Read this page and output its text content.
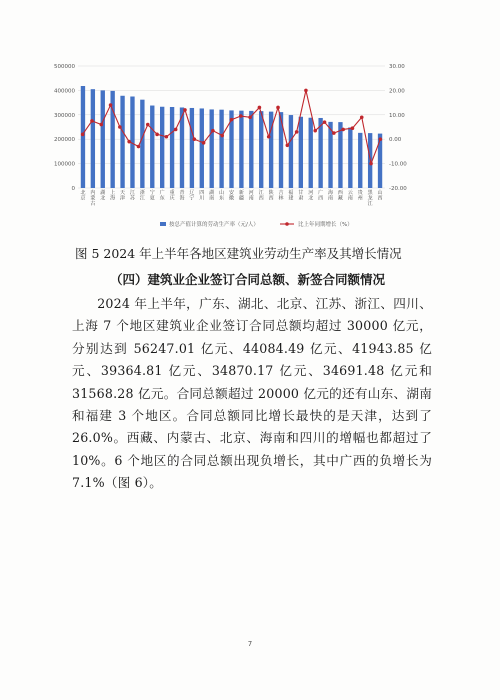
0
100000
200000
300000
400000
500000
-20.00
-10.00
0.00
10.00
20.00
30.00
北京
内蒙古
湖北
上海
天津
江苏
浙江
宁夏
广东
重庆
青海
辽宁
四川
湖南
山东
安徽
新疆
河南
江西
陕西
吉林
福建
甘肃
河北
广西
海南
西藏
云南
贵州
黑龙江
山西
按总产值计算的劳动生产率（元/人）	比上年同期增长（%）
图 5 2024 年上半年各地区建筑业劳动生产率及其增长情况
（四）建筑业企业签订合同总额、新签合同额情况

2024 年上半年，广东、湖北、北京、江苏、浙江、四川、上海 7 个地区建筑业企业签订合同总额均超过 30000 亿元，分别达到 56247.01 亿元、44084.49 亿元、41943.85 亿元、39364.81 亿元、34870.17 亿元、34691.48 亿元和 31568.28 亿元。合同总额超过 20000 亿元的还有山东、湖南和福建 3 个地区。合同总额同比增长最快的是天津，达到了 26.0%。西藏、内蒙古、北京、海南和四川的增幅也都超过了 10%。6 个地区的合同总额出现负增长，其中广西的负增长为 7.1%（图 6）。

7
